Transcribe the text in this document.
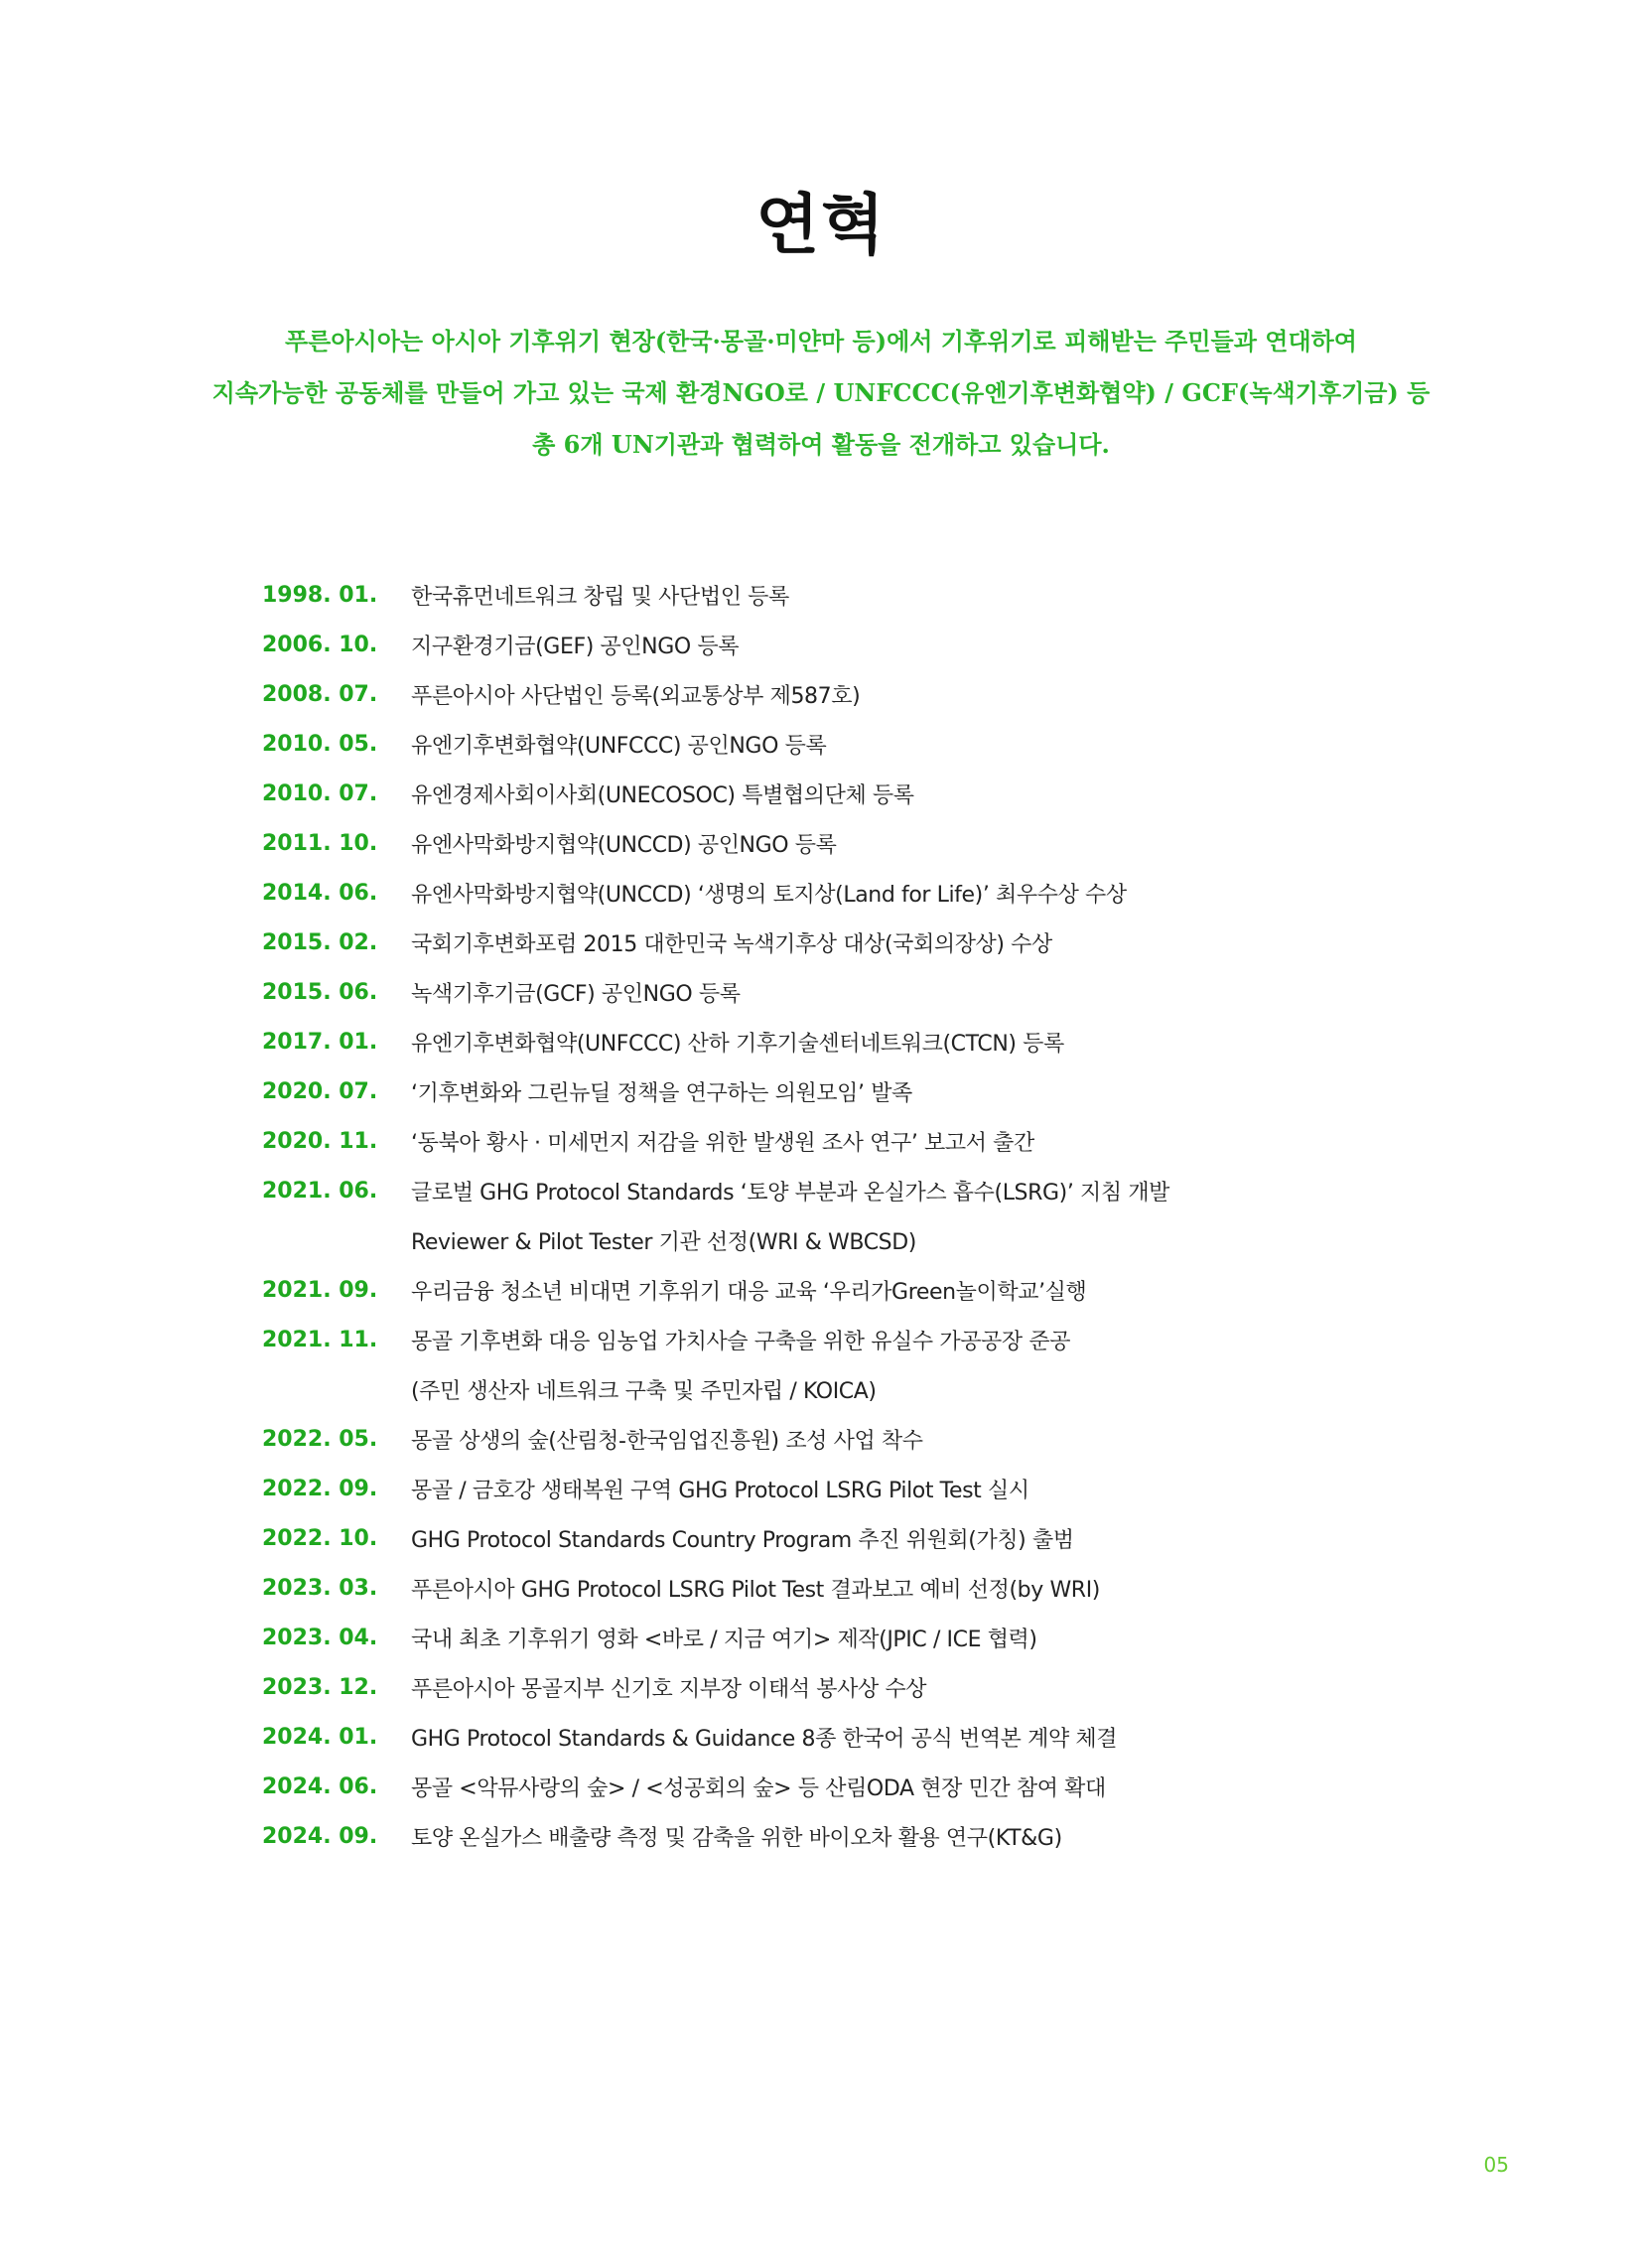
연혁
푸른아시아는 아시아 기후위기 현장(한국·몽골·미얀마 등)에서 기후위기로 피해받는 주민들과 연대하여
지속가능한 공동체를 만들어 가고 있는 국제 환경NGO로 / UNFCCC(유엔기후변화협약) / GCF(녹색기후기금) 등
총 6개 UN기관과 협력하여 활동을 전개하고 있습니다.
1998. 01.	한국휴먼네트워크 창립 및 사단법인 등록
2006. 10.	지구환경기금(GEF) 공인NGO 등록
2008. 07.	푸른아시아 사단법인 등록(외교통상부 제587호)
2010. 05.	유엔기후변화협약(UNFCCC) 공인NGO 등록
2010. 07.	유엔경제사회이사회(UNECOSOC) 특별협의단체 등록
2011. 10.	유엔사막화방지협약(UNCCD) 공인NGO 등록
2014. 06.	유엔사막화방지협약(UNCCD) ‘생명의 토지상(Land for Life)’ 최우수상 수상
2015. 02.	국회기후변화포럼 2015 대한민국 녹색기후상 대상(국회의장상) 수상
2015. 06.	녹색기후기금(GCF) 공인NGO 등록
2017. 01.	유엔기후변화협약(UNFCCC) 산하 기후기술센터네트워크(CTCN) 등록
2020. 07.	‘기후변화와 그린뉴딜 정책을 연구하는 의원모임’ 발족
2020. 11.	‘동북아 황사 · 미세먼지 저감을 위한 발생원 조사 연구’ 보고서 출간
2021. 06.	글로벌 GHG Protocol Standards ‘토양 부분과 온실가스 흡수(LSRG)’ 지침 개발
Reviewer & Pilot Tester 기관 선정(WRI & WBCSD)
2021. 09.	우리금융 청소년 비대면 기후위기 대응 교육 ‘우리가Green놀이학교’실행
2021. 11.	몽골 기후변화 대응 임농업 가치사슬 구축을 위한 유실수 가공공장 준공
(주민 생산자 네트워크 구축 및 주민자립 / KOICA)
2022. 05.	몽골 상생의 숲(산림청-한국임업진흥원) 조성 사업 착수
2022. 09.	몽골 / 금호강 생태복원 구역 GHG Protocol LSRG Pilot Test 실시
2022. 10.	GHG Protocol Standards Country Program 추진 위원회(가칭) 출범
2023. 03.	푸른아시아 GHG Protocol LSRG Pilot Test 결과보고 예비 선정(by WRI)
2023. 04.	국내 최초 기후위기 영화 <바로 / 지금 여기> 제작(JPIC / ICE 협력)
2023. 12.	푸른아시아 몽골지부 신기호 지부장 이태석 봉사상 수상
2024. 01.	GHG Protocol Standards & Guidance 8종 한국어 공식 번역본 계약 체결
2024. 06.	몽골 <악뮤사랑의 숲> / <성공회의 숲> 등 산림ODA 현장 민간 참여 확대
2024. 09.	토양 온실가스 배출량 측정 및 감축을 위한 바이오차 활용 연구(KT&G)
05
